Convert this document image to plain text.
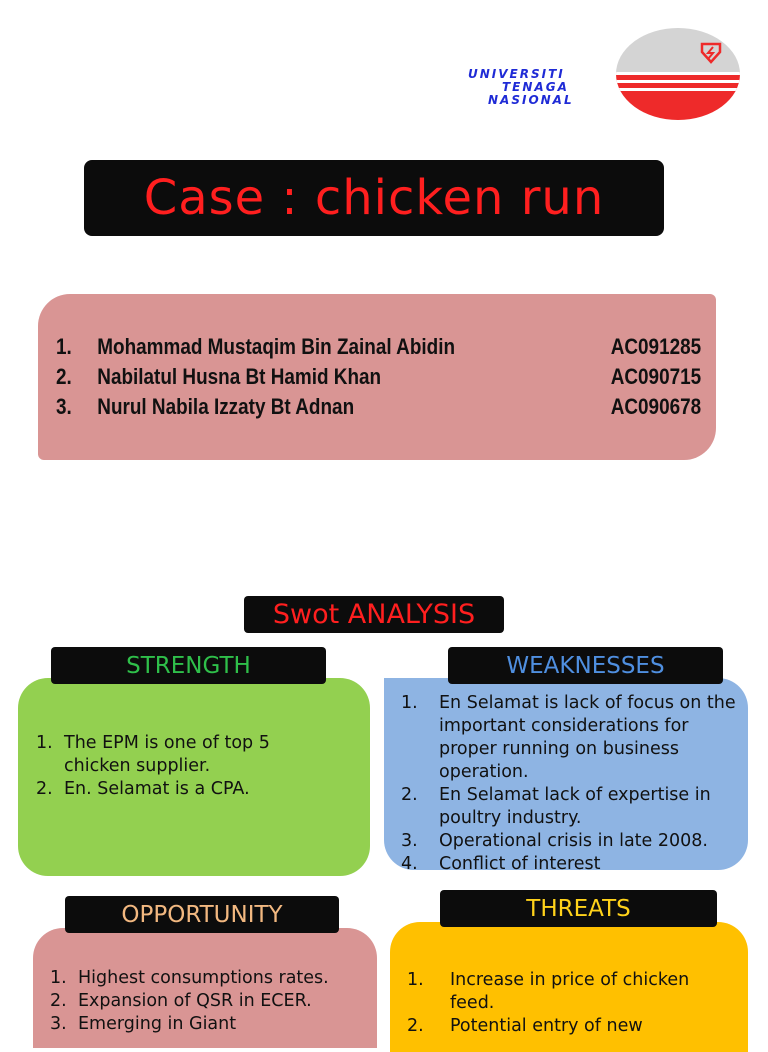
UNIVERSITI
TENAGA
NASIONAL
Case : chicken run
1. Mohammad Mustaqim Bin Zainal Abidin	AC091285
2. Nabilatul Husna Bt Hamid Khan	AC090715
3. Nurul Nabila Izzaty Bt Adnan	AC090678
Swot ANALYSIS
1. The EPM is one of top 5 chicken supplier.
2. En. Selamat is a CPA.
1. En Selamat is lack of focus on the important considerations for proper running on business operation.
2. En Selamat lack of expertise in poultry industry.
3. Operational crisis in late 2008.
4. Conflict of interest
1. Highest consumptions rates.
2. Expansion of QSR in ECER.
3. Emerging in Giant
1. Increase in price of chicken feed.
2. Potential entry of new
STRENGTH	WEAKNESSES
OPPORTUNITY	THREATS
